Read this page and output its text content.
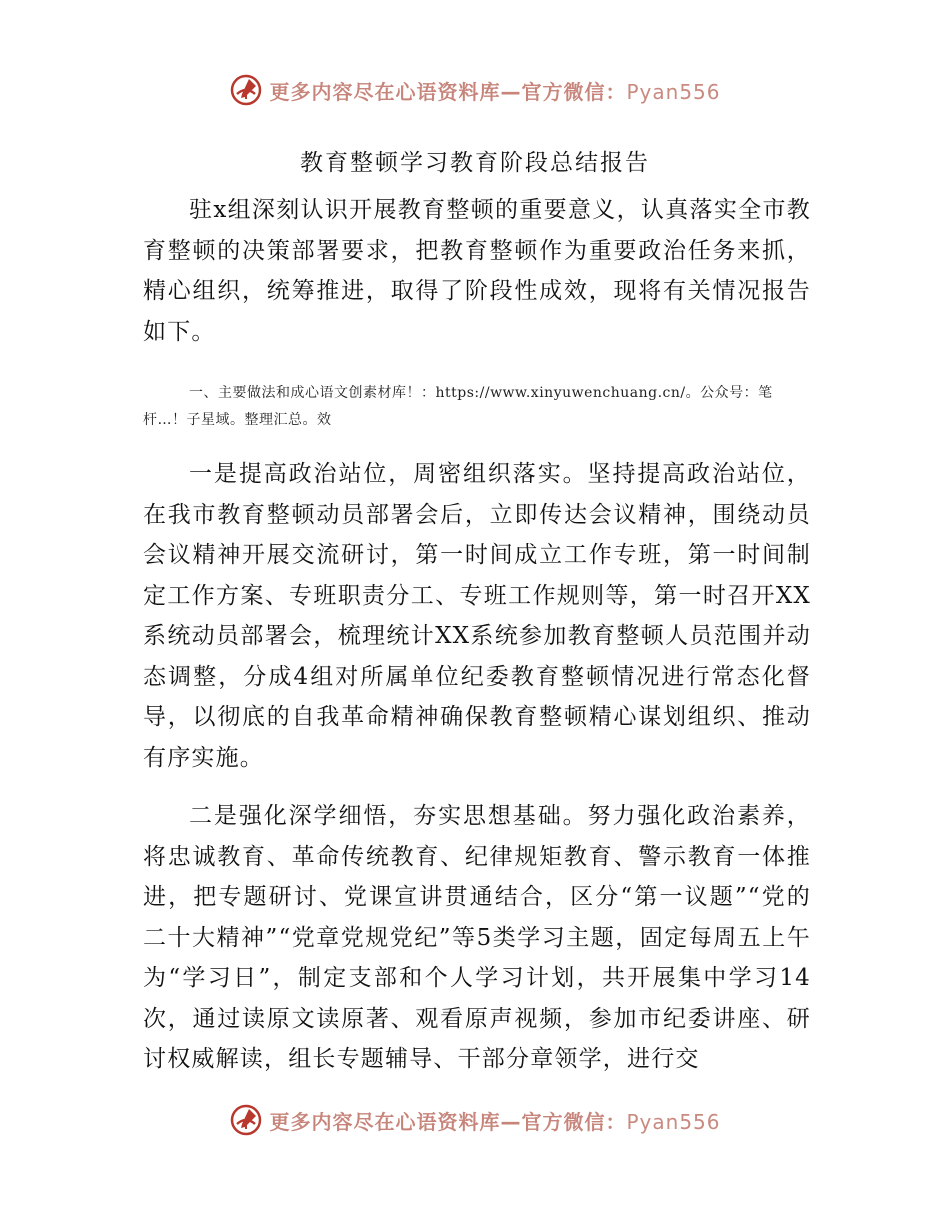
更多内容尽在心语资料库—官方微信：Pyan556
教育整顿学习教育阶段总结报告

驻x组深刻认识开展教育整顿的重要意义，认真落实全市教育整顿的决策部署要求，把教育整顿作为重要政治任务来抓，精心组织，统筹推进，取得了阶段性成效，现将有关情况报告如下。

一、主要做法和成心语文创素材库！：https://www.xinyuwenchuang.cn/。公众号：笔杆…！子星域。整理汇总。效

一是提高政治站位，周密组织落实。坚持提高政治站位，在我市教育整顿动员部署会后，立即传达会议精神，围绕动员会议精神开展交流研讨，第一时间成立工作专班，第一时间制定工作方案、专班职责分工、专班工作规则等，第一时召开XX系统动员部署会，梳理统计XX系统参加教育整顿人员范围并动态调整，分成4组对所属单位纪委教育整顿情况进行常态化督导，以彻底的自我革命精神确保教育整顿精心谋划组织、推动有序实施。

二是强化深学细悟，夯实思想基础。努力强化政治素养，将忠诚教育、革命传统教育、纪律规矩教育、警示教育一体推进，把专题研讨、党课宣讲贯通结合，区分“第一议题”“党的二十大精神”“党章党规党纪”等5类学习主题，固定每周五上午为“学习日”，制定支部和个人学习计划，共开展集中学习14次，通过读原文读原著、观看原声视频，参加市纪委讲座、研讨权威解读，组长专题辅导、干部分章领学，进行交

更多内容尽在心语资料库—官方微信：Pyan556
